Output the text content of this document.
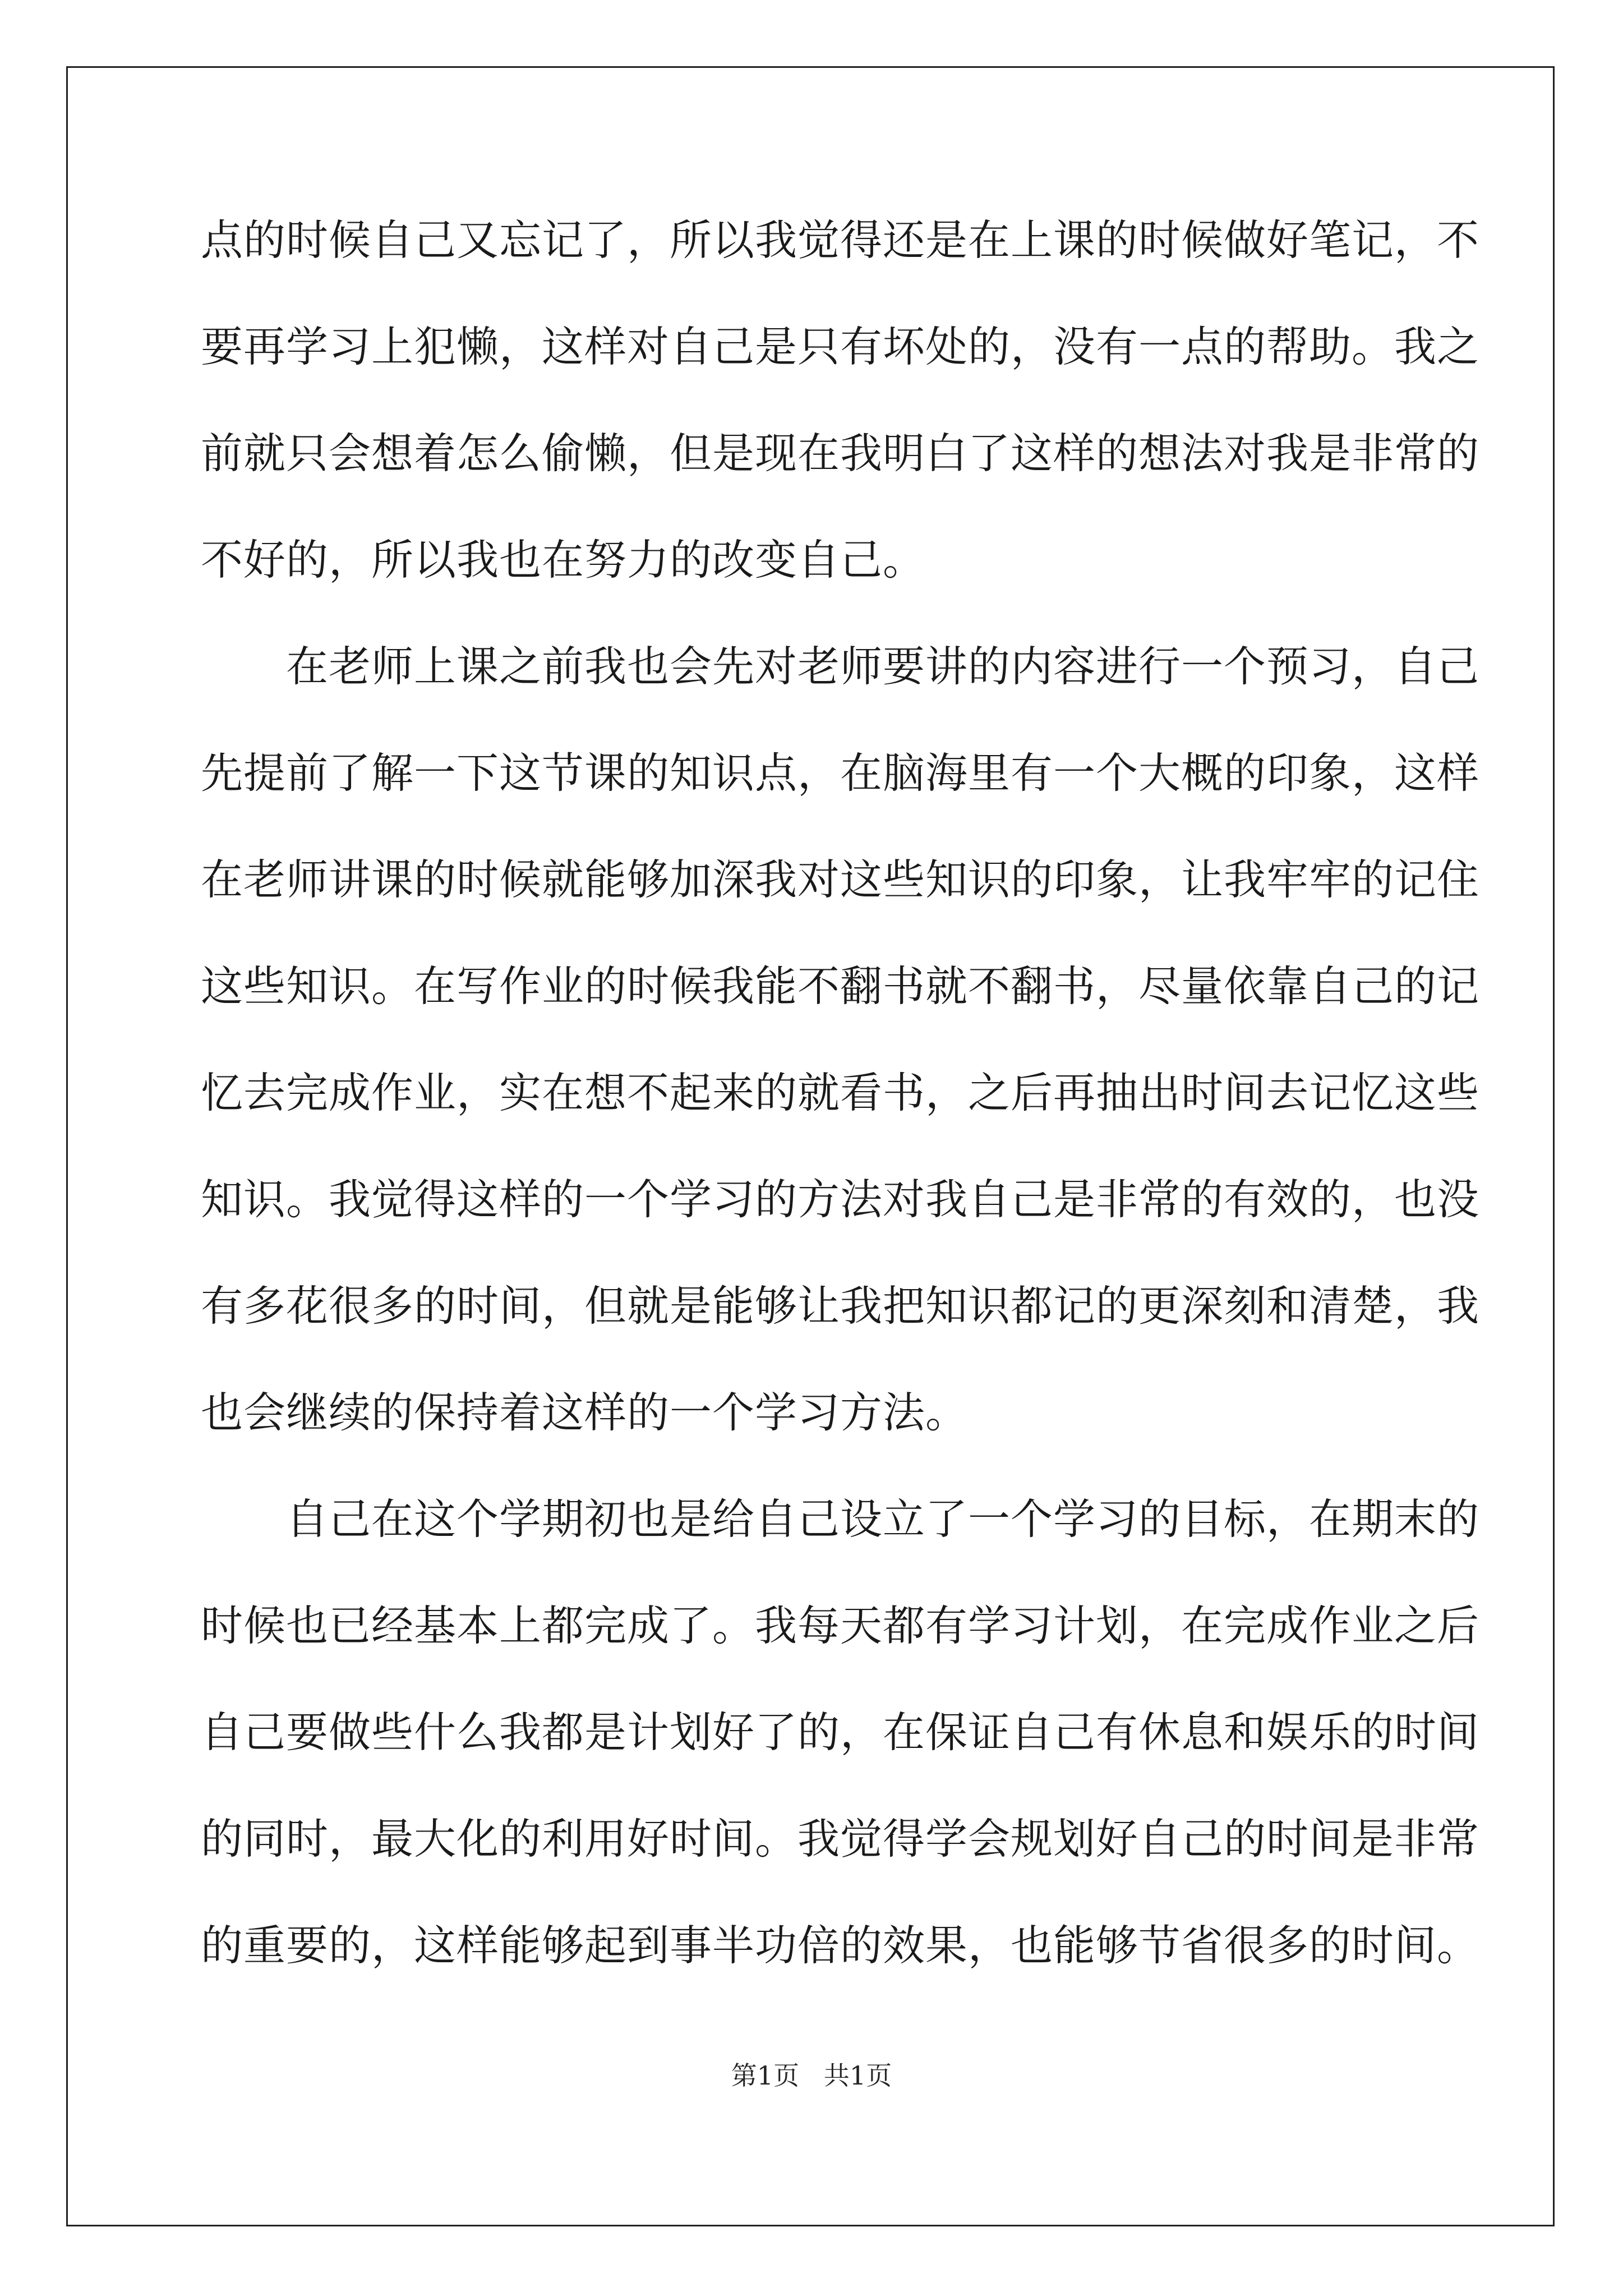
点的时候自己又忘记了，所以我觉得还是在上课的时候做好笔记，不
要再学习上犯懒，这样对自己是只有坏处的，没有一点的帮助。我之
前就只会想着怎么偷懒，但是现在我明白了这样的想法对我是非常的
不好的，所以我也在努力的改变自己。
在老师上课之前我也会先对老师要讲的内容进行一个预习，自己
先提前了解一下这节课的知识点，在脑海里有一个大概的印象，这样
在老师讲课的时候就能够加深我对这些知识的印象，让我牢牢的记住
这些知识。在写作业的时候我能不翻书就不翻书，尽量依靠自己的记
忆去完成作业，实在想不起来的就看书，之后再抽出时间去记忆这些
知识。我觉得这样的一个学习的方法对我自己是非常的有效的，也没
有多花很多的时间，但就是能够让我把知识都记的更深刻和清楚，我
也会继续的保持着这样的一个学习方法。
自己在这个学期初也是给自己设立了一个学习的目标，在期末的
时候也已经基本上都完成了。我每天都有学习计划，在完成作业之后
自己要做些什么我都是计划好了的，在保证自己有休息和娱乐的时间
的同时，最大化的利用好时间。我觉得学会规划好自己的时间是非常
的重要的，这样能够起到事半功倍的效果，也能够节省很多的时间。
第1页   共1页
